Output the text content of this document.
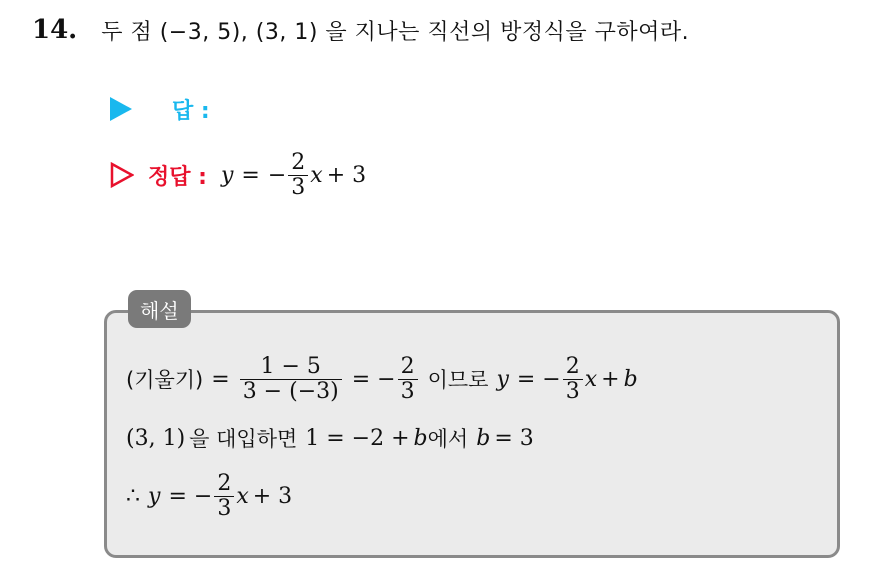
14. 두 점 (−3, 5), (3, 1) 을 지나는 직선의 방정식을 구하여라.
답 :
정답 : y = − $\frac{2}{3}$ x + 3
해설
(기울기) = $\frac{1 - 5}{3 - (-3)}$ = − $\frac{2}{3}$ 이므로 y = − $\frac{2}{3}$ x + b
(3, 1) 을 대입하면 1 = −2 + b 에서 b = 3
∴ y = − $\frac{2}{3}$ x + 3
